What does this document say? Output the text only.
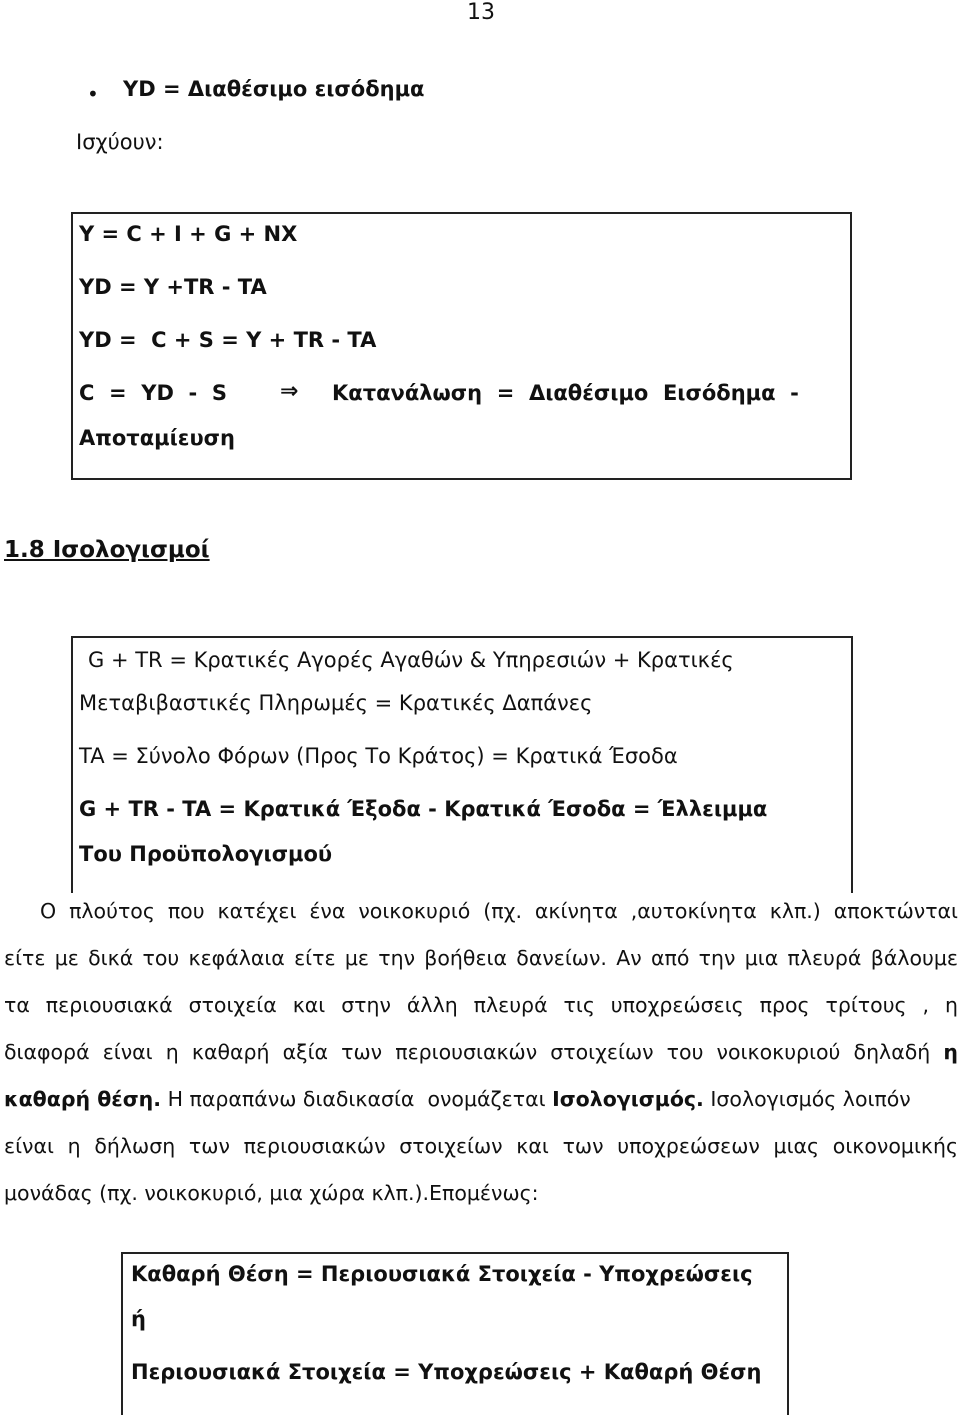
13
• YD = Διαθέσιμο εισόδημα
Ισχύουν:
Y = C + I + G + NX
YD = Y +TR - TA
YD =  C + S = Y + TR - TA
C  =  YD  -  S ⇒ Κατανάλωση  =  Διαθέσιμο  Εισόδημα  -
Αποταμίευση
1.8 Ισολογισμοί
G + TR = Κρατικές Αγορές Αγαθών & Υπηρεσιών + Κρατικές
Μεταβιβαστικές Πληρωμές = Κρατικές Δαπάνες
TA = Σύνολο Φόρων (Προς Το Κράτος) = Κρατικά Έσοδα
G + TR - TA = Κρατικά Έξοδα - Κρατικά Έσοδα = Έλλειμμα
Του Προϋπολογισμού
Ο πλούτος που κατέχει ένα νοικοκυριό (πχ. ακίνητα ,αυτοκίνητα κλπ.) αποκτώνται
είτε με δικά του κεφάλαια είτε με την βοήθεια δανείων. Αν από την μια πλευρά βάλουμε
τα περιουσιακά στοιχεία και στην άλλη πλευρά τις υποχρεώσεις προς τρίτους , η
διαφορά είναι η καθαρή αξία των περιουσιακών στοιχείων του νοικοκυριού δηλαδή η
καθαρή θέση. Η παραπάνω διαδικασία  ονομάζεται Ισολογισμός. Ισολογισμός λοιπόν
είναι η δήλωση των περιουσιακών στοιχείων και των υποχρεώσεων μιας οικονομικής
μονάδας (πχ. νοικοκυριό, μια χώρα κλπ.).Επομένως:
Καθαρή Θέση = Περιουσιακά Στοιχεία - Υποχρεώσεις
ή
Περιουσιακά Στοιχεία = Υποχρεώσεις + Καθαρή Θέση
